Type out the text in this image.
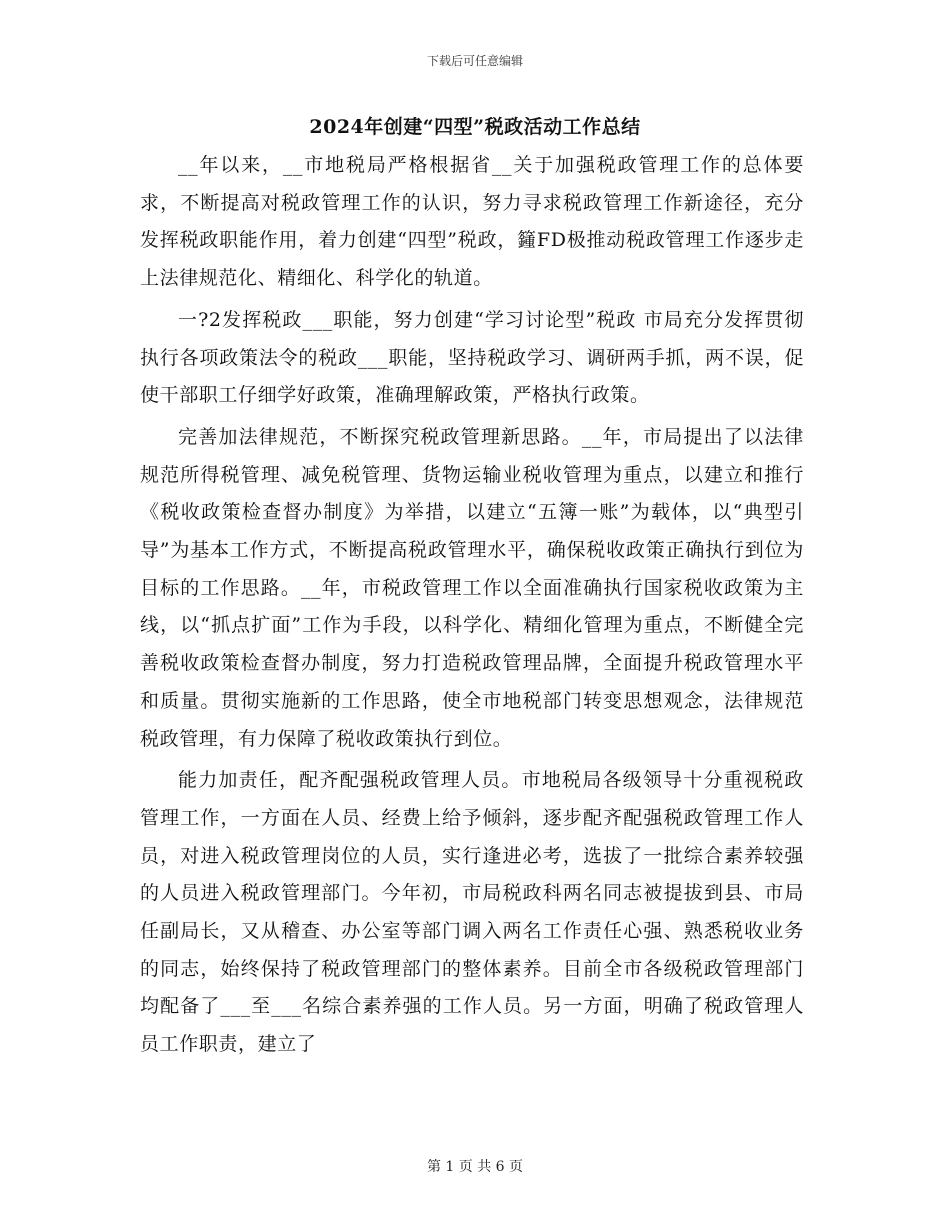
下载后可任意编辑
2024年创建“四型”税政活动工作总结

__年以来，__市地税局严格根据省__关于加强税政管理工作的总体要求，不断提高对税政管理工作的认识，努力寻求税政管理工作新途径，充分发挥税政职能作用，着力创建“四型”税政，籦FD极推动税政管理工作逐步走上法律规范化、精细化、科学化的轨道。

一?2发挥税政___职能，努力创建“学习讨论型”税政 市局充分发挥贯彻执行各项政策法令的税政___职能，坚持税政学习、调研两手抓，两不误，促使干部职工仔细学好政策，准确理解政策，严格执行政策。

完善加法律规范，不断探究税政管理新思路。__年，市局提出了以法律规范所得税管理、减免税管理、货物运输业税收管理为重点，以建立和推行《税收政策检查督办制度》为举措，以建立“五簿一账”为载体，以“典型引导”为基本工作方式，不断提高税政管理水平，确保税收政策正确执行到位为目标的工作思路。__年，市税政管理工作以全面准确执行国家税收政策为主线，以“抓点扩面”工作为手段，以科学化、精细化管理为重点，不断健全完善税收政策检查督办制度，努力打造税政管理品牌，全面提升税政管理水平和质量。贯彻实施新的工作思路，使全市地税部门转变思想观念，法律规范税政管理，有力保障了税收政策执行到位。

能力加责任，配齐配强税政管理人员。市地税局各级领导十分重视税政管理工作，一方面在人员、经费上给予倾斜，逐步配齐配强税政管理工作人员，对进入税政管理岗位的人员，实行逢进必考，选拔了一批综合素养较强的人员进入税政管理部门。今年初，市局税政科两名同志被提拔到县、市局任副局长，又从稽查、办公室等部门调入两名工作责任心强、熟悉税收业务的同志，始终保持了税政管理部门的整体素养。目前全市各级税政管理部门均配备了___至___名综合素养强的工作人员。另一方面，明确了税政管理人员工作职责，建立了

第 1 页 共 6 页
